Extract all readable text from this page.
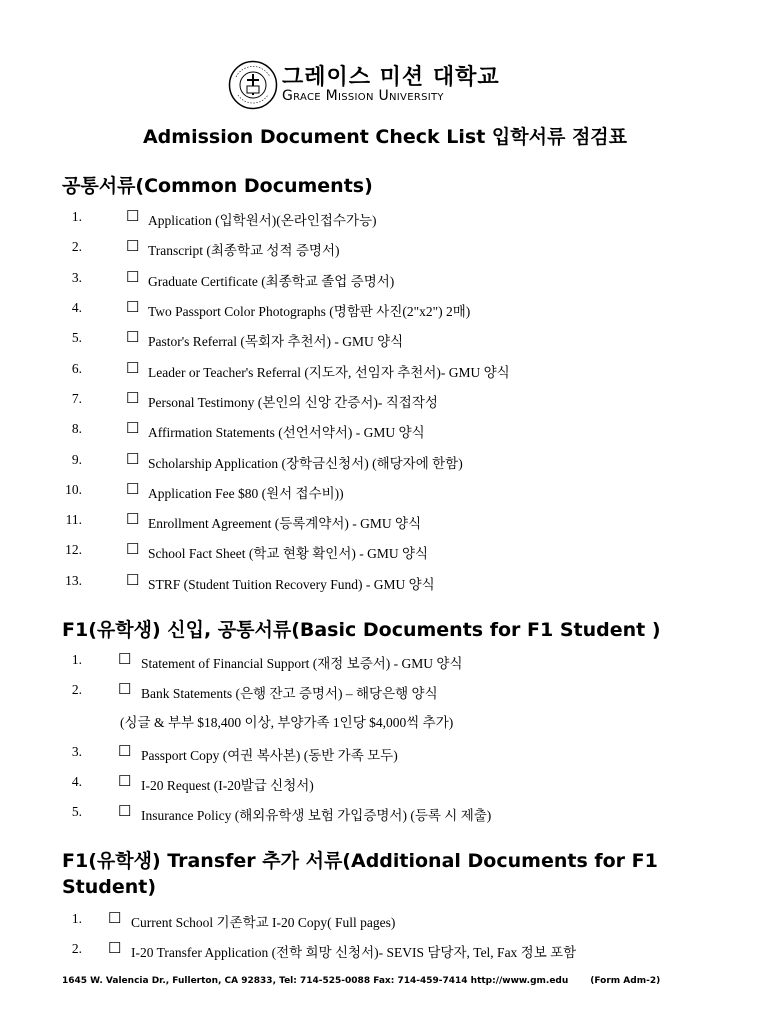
그레이스 미션 대학교
Grace Mission University
Admission Document Check List 입학서류 점검표
공통서류(Common Documents)
1.	☐ Application (입학원서)(온라인접수가능)
2.	☐ Transcript (최종학교 성적 증명서)
3.	☐ Graduate Certificate (최종학교 졸업 증명서)
4.	☐ Two Passport Color Photographs (명함판 사진(2"x2") 2매)
5.	☐ Pastor's Referral (목회자 추천서) - GMU 양식
6.	☐ Leader or Teacher's Referral (지도자, 선임자 추천서)- GMU 양식
7.	☐ Personal Testimony (본인의 신앙 간증서)- 직접작성
8.	☐ Affirmation Statements (선언서약서) - GMU 양식
9.	☐ Scholarship Application (장학금신청서) (해당자에 한함)
10.	☐ Application Fee $80 (원서 접수비))
11.	☐ Enrollment Agreement (등록계약서) - GMU 양식
12.	☐ School Fact Sheet (학교 현황 확인서) - GMU 양식
13.	☐ STRF (Student Tuition Recovery Fund) - GMU 양식
F1(유학생) 신입, 공통서류(Basic Documents for F1 Student )
1. ☐ Statement of Financial Support (재정 보증서) - GMU 양식
2. ☐ Bank Statements (은행 잔고 증명서) – 해당은행 양식
3. ☐ Passport Copy (여권 복사본) (동반 가족 모두)
4. ☐ I-20 Request (I-20발급 신청서)
5. ☐ Insurance Policy (해외유학생 보험 가입증명서) (등록 시 제출)
(싱글 & 부부 $18,400 이상, 부양가족 1인당 $4,000씩 추가)
F1(유학생) Transfer 추가 서류(Additional Documents for F1 Student)
1. ☐ Current School 기존학교 I-20 Copy( Full pages)
2. ☐ I-20 Transfer Application (전학 희망 신청서)- SEVIS 담당자, Tel, Fax 정보 포함
1645 W. Valencia Dr., Fullerton, CA 92833, Tel: 714-525-0088 Fax: 714-459-7414 http://www.gm.edu (Form Adm-2)
